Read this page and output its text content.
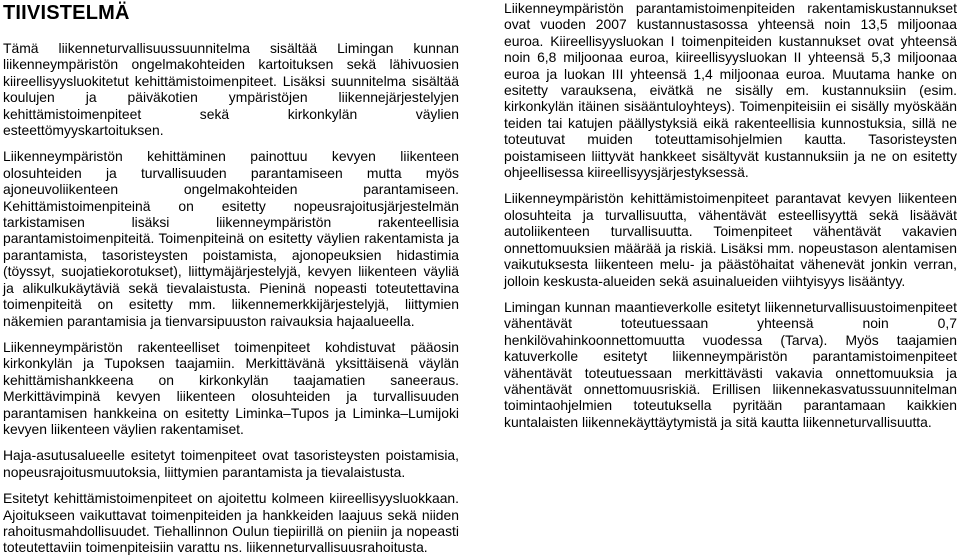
TIIVISTELMÄ

Tämä liikenneturvallisuussuunnitelma sisältää Limingan kunnan liikenneympäristön ongelmakohteiden kartoituksen sekä lähivuosien kiireellisyysluokitetut kehittämistoimenpiteet. Lisäksi suunnitelma sisältää koulujen ja päiväkotien ympäristöjen liikennejärjestelyjen kehittämistoimenpiteet sekä kirkonkylän väylien esteettömyyskartoituksen.

Liikenneympäristön kehittäminen painottuu kevyen liikenteen olosuhteiden ja turvallisuuden parantamiseen mutta myös ajoneuvoliikenteen ongelmakohteiden parantamiseen. Kehittämistoimenpiteinä on esitetty nopeusrajoitusjärjestelmän tarkistamisen lisäksi liikenneympäristön rakenteellisia parantamistoimenpiteitä. Toimenpiteinä on esitetty väylien rakentamista ja parantamista, tasoristeysten poistamista, ajonopeuksien hidastimia (töyssyt, suojatiekorotukset), liittymäjärjestelyjä, kevyen liikenteen väyliä ja alikulkukäytäviä sekä tievalaistusta. Pieninä nopeasti toteutettavina toimenpiteitä on esitetty mm. liikennemerkkijärjestelyjä, liittymien näkemien parantamisia ja tienvarsipuuston raivauksia hajaalueella.

Liikenneympäristön rakenteelliset toimenpiteet kohdistuvat pääosin kirkonkylän ja Tupoksen taajamiin. Merkittävänä yksittäisenä väylän kehittämishankkeena on kirkonkylän taajamatien saneeraus. Merkittävimpinä kevyen liikenteen olosuhteiden ja turvallisuuden parantamisen hankkeina on esitetty Liminka–Tupos ja Liminka–Lumijoki kevyen liikenteen väylien rakentamiset.

Haja-asutusalueelle esitetyt toimenpiteet ovat tasoristeysten poistamisia, nopeusrajoitusmuutoksia, liittymien parantamista ja tievalaistusta.

Esitetyt kehittämistoimenpiteet on ajoitettu kolmeen kiireellisyysluokkaan. Ajoitukseen vaikuttavat toimenpiteiden ja hankkeiden laajuus sekä niiden rahoitusmahdollisuudet. Tiehallinnon Oulun tiepiirillä on pieniin ja nopeasti toteutettaviin toimenpiteisiin varattu ns. liikenneturvallisuusrahoitusta.

Liikenneympäristön parantamistoimenpiteiden rakentamiskustannukset ovat vuoden 2007 kustannustasossa yhteensä noin 13,5 miljoonaa euroa. Kiireellisyysluokan I toimenpiteiden kustannukset ovat yhteensä noin 6,8 miljoonaa euroa, kiireellisyysluokan II yhteensä 5,3 miljoonaa euroa ja luokan III yhteensä 1,4 miljoonaa euroa. Muutama hanke on esitetty varauksena, eivätkä ne sisälly em. kustannuksiin (esim. kirkonkylän itäinen sisääntuloyhteys). Toimenpiteisiin ei sisälly myöskään teiden tai katujen päällystyksiä eikä rakenteellisia kunnostuksia, sillä ne toteutuvat muiden toteuttamisohjelmien kautta. Tasoristeysten poistamiseen liittyvät hankkeet sisältyvät kustannuksiin ja ne on esitetty ohjeellisessa kiireellisyysjärjestyksessä.

Liikenneympäristön kehittämistoimenpiteet parantavat kevyen liikenteen olosuhteita ja turvallisuutta, vähentävät esteellisyyttä sekä lisäävät autoliikenteen turvallisuutta. Toimenpiteet vähentävät vakavien onnettomuuksien määrää ja riskiä. Lisäksi mm. nopeustason alentamisen vaikutuksesta liikenteen melu- ja päästöhaitat vähenevät jonkin verran, jolloin keskusta-alueiden sekä asuinalueiden viihtyisyys lisääntyy.

Limingan kunnan maantieverkolle esitetyt liikenneturvallisuustoimenpiteet vähentävät toteutuessaan yhteensä noin 0,7 henkilövahinkoonnettomuutta vuodessa (Tarva). Myös taajamien katuverkolle esitetyt liikenneympäristön parantamistoimenpiteet vähentävät toteutuessaan merkittävästi vakavia onnettomuuksia ja vähentävät onnettomuusriskiä. Erillisen liikennekasvatussuunnitelman toimintaohjelmien toteutuksella pyritään parantamaan kaikkien kuntalaisten liikennekäyttäytymistä ja sitä kautta liikenneturvallisuutta.
